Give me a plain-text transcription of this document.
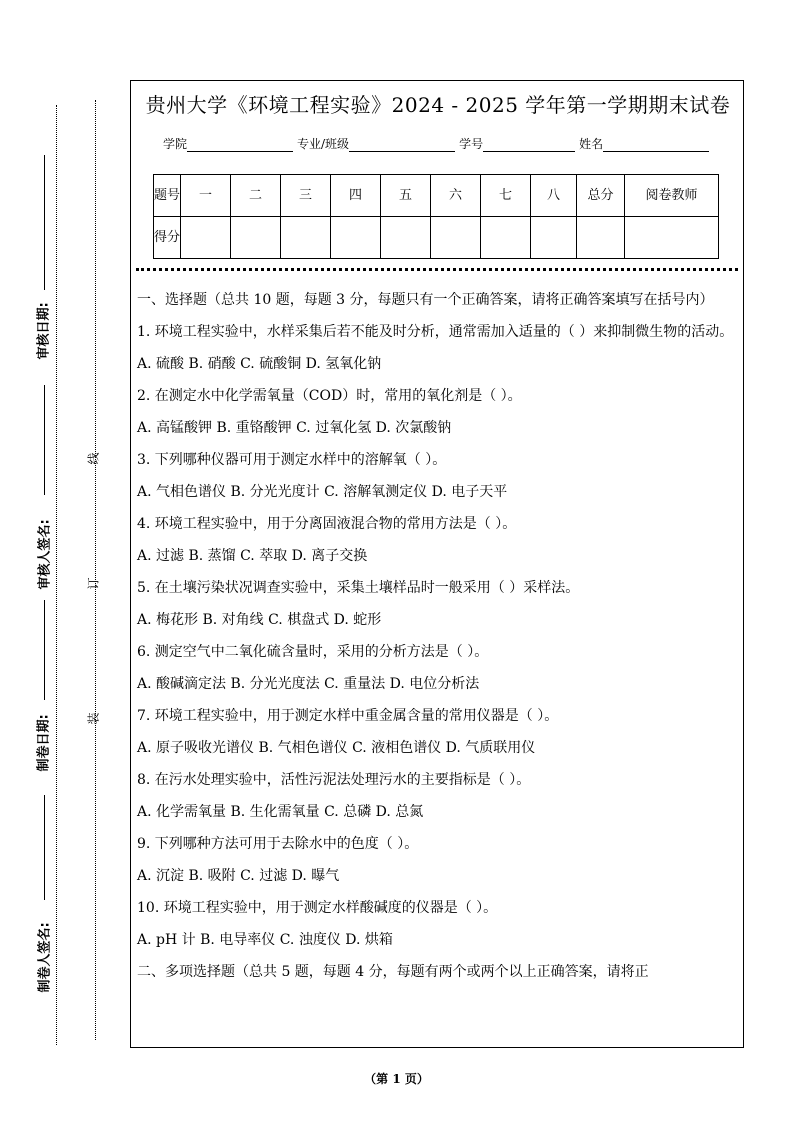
审核日期:
审核人签名:
制卷日期:
制卷人签名:
线
订
装
贵州大学《环境工程实验》2024 - 2025 学年第一学期期末试卷
学院	专业/班级	学号	姓名
题号	一	二	三	四	五	六	七	八	总分	阅卷教师
得分										

一、选择题（总共 10 题，每题 3 分，每题只有一个正确答案，请将正确答案填写在括号内）

1. 环境工程实验中，水样采集后若不能及时分析，通常需加入适量的（ ）来抑制微生物的活动。

A. 硫酸 B. 硝酸 C. 硫酸铜 D. 氢氧化钠

2. 在测定水中化学需氧量（COD）时，常用的氧化剂是（ ）。

A. 高锰酸钾 B. 重铬酸钾 C. 过氧化氢 D. 次氯酸钠

3. 下列哪种仪器可用于测定水样中的溶解氧（ ）。

A. 气相色谱仪 B. 分光光度计 C. 溶解氧测定仪 D. 电子天平

4. 环境工程实验中，用于分离固液混合物的常用方法是（ ）。

A. 过滤 B. 蒸馏 C. 萃取 D. 离子交换

5. 在土壤污染状况调查实验中，采集土壤样品时一般采用（ ）采样法。

A. 梅花形 B. 对角线 C. 棋盘式 D. 蛇形

6. 测定空气中二氧化硫含量时，采用的分析方法是（ ）。

A. 酸碱滴定法 B. 分光光度法 C. 重量法 D. 电位分析法

7. 环境工程实验中，用于测定水样中重金属含量的常用仪器是（ ）。

A. 原子吸收光谱仪 B. 气相色谱仪 C. 液相色谱仪 D. 气质联用仪

8. 在污水处理实验中，活性污泥法处理污水的主要指标是（ ）。

A. 化学需氧量 B. 生化需氧量 C. 总磷 D. 总氮

9. 下列哪种方法可用于去除水中的色度（ ）。

A. 沉淀 B. 吸附 C. 过滤 D. 曝气

10. 环境工程实验中，用于测定水样酸碱度的仪器是（ ）。

A. pH 计 B. 电导率仪 C. 浊度仪 D. 烘箱

二、多项选择题（总共 5 题，每题 4 分，每题有两个或两个以上正确答案，请将正

（第 1 页）
